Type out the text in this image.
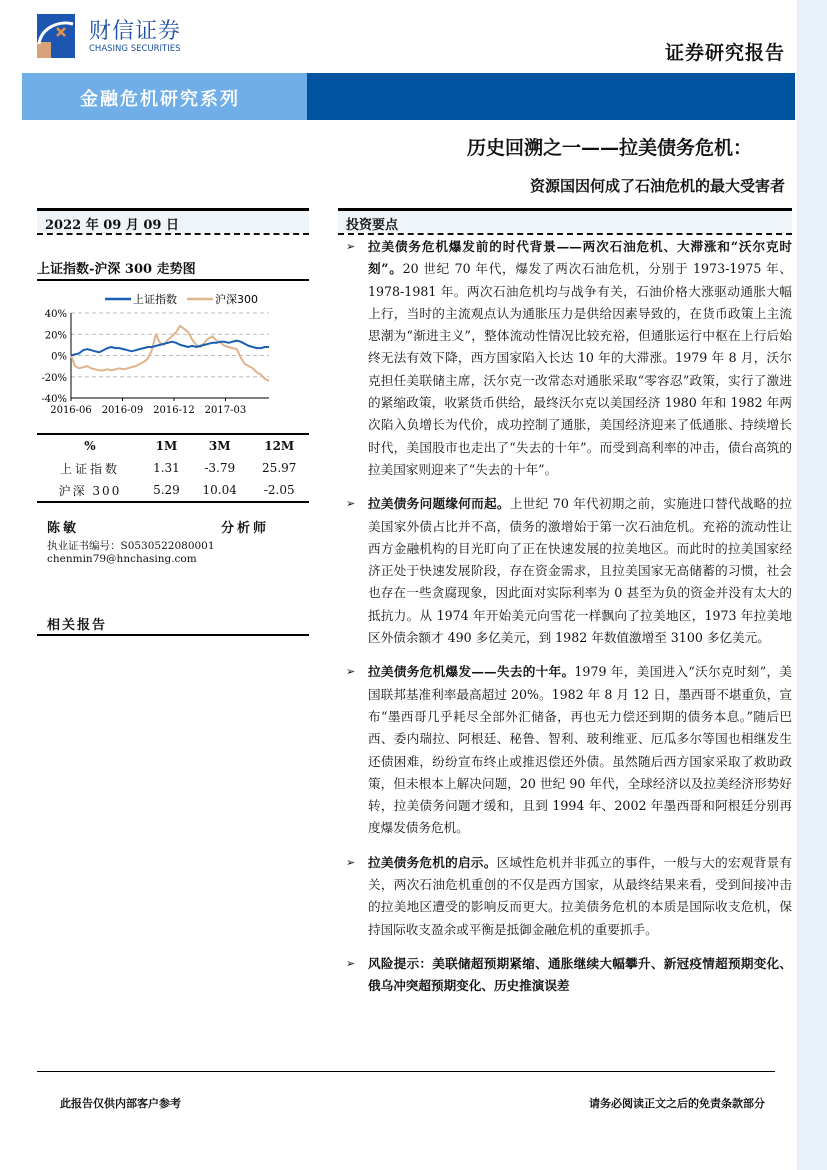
财信证券
CHASING SECURITIES	证券研究报告
金融危机研究系列
历史回溯之一——拉美债务危机：
资源国因何成了石油危机的最大受害者
2022 年 09 月 09 日
上证指数-沪深 300 走势图
上证指数	沪深300
40%
20%
0%
-20%
-40%
2016-06 2016-09 2016-12 2017-03
%	1M	3M	12M
上证指数	1.31	-3.79	25.97
沪深 300	5.29	10.04	-2.05
陈敏	分析师
执业证书编号：S0530522080001
chenmin79@hnchasing.com
相关报告
投资要点
➢ 拉美债务危机爆发前的时代背景——两次石油危机、大滞涨和“沃尔克时刻”。20 世纪 70 年代，爆发了两次石油危机，分别于 1973-1975 年、1978-1981 年。两次石油危机均与战争有关，石油价格大涨驱动通胀大幅上行，当时的主流观点认为通胀压力是供给因素导致的，在货币政策上主流思潮为“渐进主义”，整体流动性情况比较充裕，但通胀运行中枢在上行后始终无法有效下降，西方国家陷入长达 10 年的大滞涨。1979 年 8 月，沃尔克担任美联储主席，沃尔克一改常态对通胀采取“零容忍”政策，实行了激进的紧缩政策，收紧货币供给，最终沃尔克以美国经济 1980 年和 1982 年两次陷入负增长为代价，成功控制了通胀，美国经济迎来了低通胀、持续增长时代，美国股市也走出了“失去的十年”。而受到高利率的冲击，债台高筑的拉美国家则迎来了“失去的十年”。
➢ 拉美债务问题缘何而起。上世纪 70 年代初期之前，实施进口替代战略的拉美国家外债占比并不高，债务的激增始于第一次石油危机。充裕的流动性让西方金融机构的目光盯向了正在快速发展的拉美地区。而此时的拉美国家经济正处于快速发展阶段，存在资金需求，且拉美国家无高储蓄的习惯，社会也存在一些贪腐现象，因此面对实际利率为 0 甚至为负的资金并没有太大的抵抗力。从 1974 年开始美元向雪花一样飘向了拉美地区，1973 年拉美地区外债余额才 490 多亿美元，到 1982 年数值激增至 3100 多亿美元。
➢ 拉美债务危机爆发——失去的十年。1979 年，美国进入“沃尔克时刻”，美国联邦基准利率最高超过 20%。1982 年 8 月 12 日，墨西哥不堪重负，宣布“墨西哥几乎耗尽全部外汇储备，再也无力偿还到期的债务本息。”随后巴西、委内瑞拉、阿根廷、秘鲁、智利、玻利维亚、厄瓜多尔等国也相继发生还债困难，纷纷宣布终止或推迟偿还外债。虽然随后西方国家采取了救助政策，但未根本上解决问题，20 世纪 90 年代，全球经济以及拉美经济形势好转，拉美债务问题才缓和，且到 1994 年、2002 年墨西哥和阿根廷分别再度爆发债务危机。
➢ 拉美债务危机的启示。区域性危机并非孤立的事件，一般与大的宏观背景有关，两次石油危机重创的不仅是西方国家，从最终结果来看，受到间接冲击的拉美地区遭受的影响反而更大。拉美债务危机的本质是国际收支危机，保持国际收支盈余或平衡是抵御金融危机的重要抓手。
➢ 风险提示：美联储超预期紧缩、通胀继续大幅攀升、新冠疫情超预期变化、俄乌冲突超预期变化、历史推演误差
此报告仅供内部客户参考	请务必阅读正文之后的免责条款部分
